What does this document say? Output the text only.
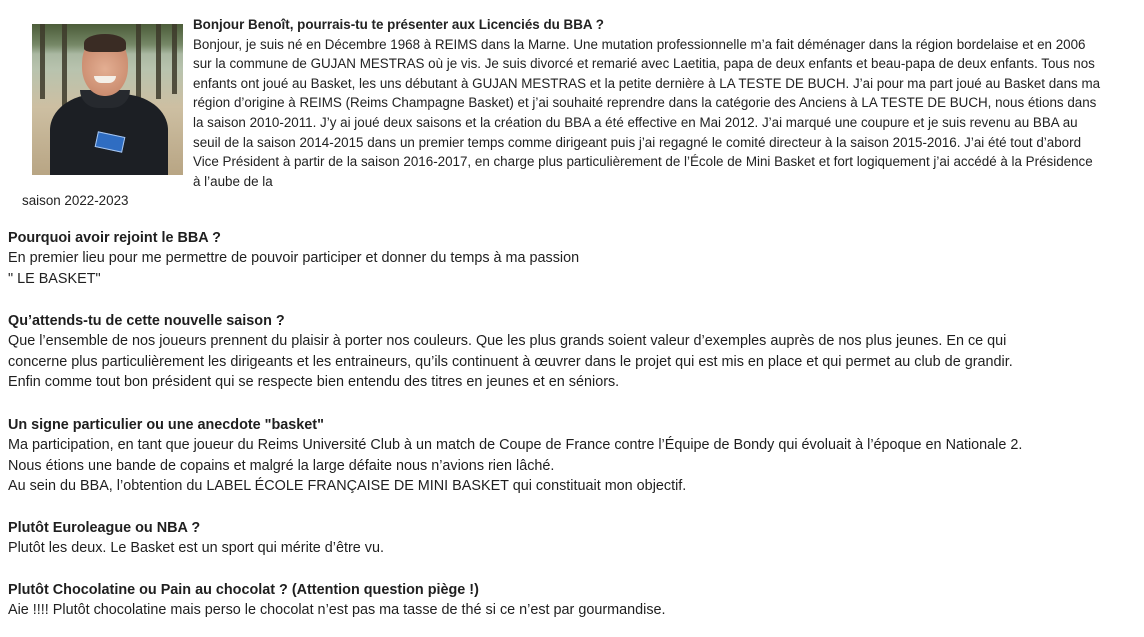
Bonjour Benoît, pourrais-tu te présenter aux Licenciés du BBA ?
Bonjour, je suis né en Décembre 1968 à REIMS dans la Marne. Une mutation professionnelle m’a fait déménager dans la région bordelaise et en 2006 sur la commune de GUJAN MESTRAS où je vis. Je suis divorcé et remarié avec Laetitia, papa de deux enfants et beau-papa de deux enfants. Tous nos enfants ont joué au Basket, les uns débutant à GUJAN MESTRAS et la petite dernière à LA TESTE DE BUCH. J’ai pour ma part joué au Basket dans ma région d’origine à REIMS (Reims Champagne Basket) et j’ai souhaité reprendre dans la catégorie des Anciens à LA TESTE DE BUCH, nous étions dans la saison 2010-2011. J’y ai joué deux saisons et la création du BBA a été effective en Mai 2012. J’ai marqué une coupure et je suis revenu au BBA au seuil de la saison 2014-2015 dans un premier temps comme dirigeant puis j’ai regagné le comité directeur à la saison 2015-2016. J’ai été tout d’abord Vice Président à partir de la saison 2016-2017, en charge plus particulièrement de l’École de Mini Basket et fort logiquement j’ai accédé à la Présidence à l’aube de la
saison 2022-2023
Pourquoi avoir rejoint le BBA ?
En premier lieu pour me permettre de pouvoir participer et donner du temps à ma passion
" LE BASKET"
Qu’attends-tu de cette nouvelle saison ?
Que l’ensemble de nos joueurs prennent du plaisir à porter nos couleurs. Que les plus grands soient valeur d’exemples auprès de nos plus jeunes. En ce qui
concerne plus particulièrement les dirigeants et les entraineurs, qu’ils continuent à œuvrer dans le projet qui est mis en place et qui permet au club de grandir.
Enfin comme tout bon président qui se respecte bien entendu des titres en jeunes et en séniors.
Un signe particulier ou une anecdote "basket"
Ma participation, en tant que joueur du Reims Université Club à un match de Coupe de France contre l’Équipe de Bondy qui évoluait à l’époque en Nationale 2.
Nous étions une bande de copains et malgré la large défaite nous n’avions rien lâché.
Au sein du BBA, l’obtention du LABEL ÉCOLE FRANÇAISE DE MINI BASKET qui constituait mon objectif.
Plutôt Euroleague ou NBA ?
Plutôt les deux. Le Basket est un sport qui mérite d’être vu.
Plutôt Chocolatine ou Pain au chocolat ? (Attention question piège !)
Aie !!!! Plutôt chocolatine mais perso le chocolat n’est pas ma tasse de thé si ce n’est par gourmandise.
